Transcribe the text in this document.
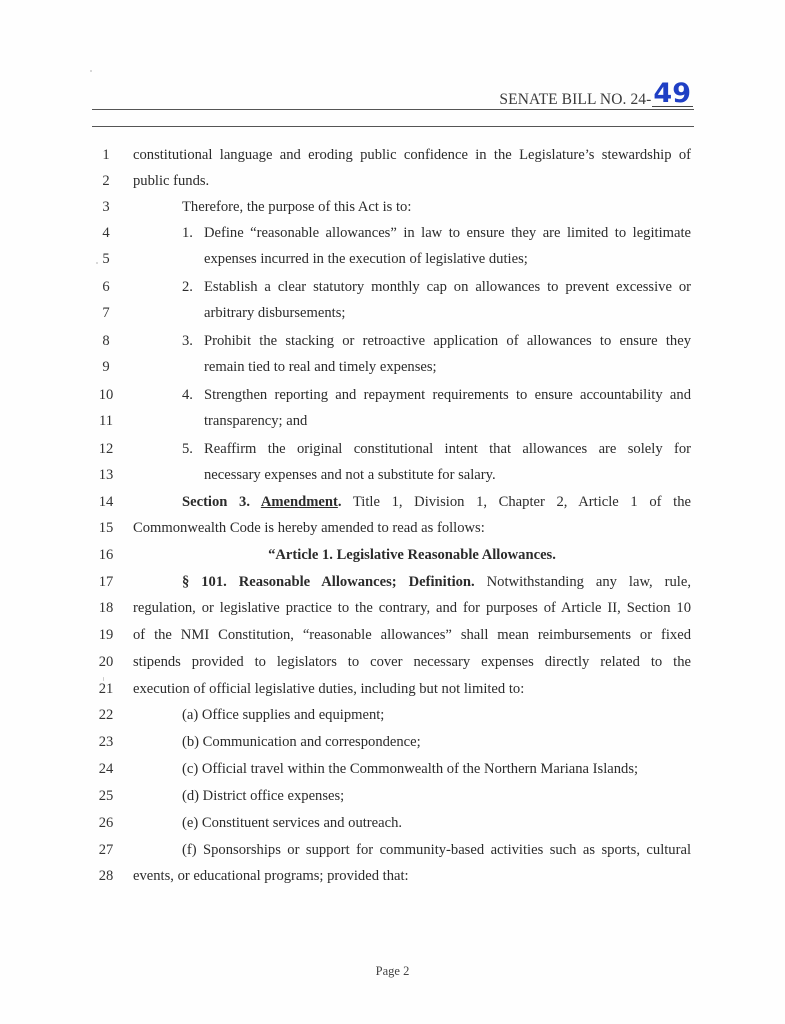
SENATE BILL NO. 24- 49
1	constitutional language and eroding public confidence in the Legislature’s stewardship of
2	public funds.
3	Therefore, the purpose of this Act is to:
4	1. Define “reasonable allowances” in law to ensure they are limited to legitimate
5	expenses incurred in the execution of legislative duties;
6	2. Establish a clear statutory monthly cap on allowances to prevent excessive or
7	arbitrary disbursements;
8	3. Prohibit the stacking or retroactive application of allowances to ensure they
9	remain tied to real and timely expenses;
10	4. Strengthen reporting and repayment requirements to ensure accountability and
11	transparency; and
12	5. Reaffirm the original constitutional intent that allowances are solely for
13	necessary expenses and not a substitute for salary.
14	Section 3. Amendment. Title 1, Division 1, Chapter 2, Article 1 of the
15	Commonwealth Code is hereby amended to read as follows:
16	“Article 1. Legislative Reasonable Allowances.
17	§ 101. Reasonable Allowances; Definition. Notwithstanding any law, rule,
18	regulation, or legislative practice to the contrary, and for purposes of Article II, Section 10
19	of the NMI Constitution, “reasonable allowances” shall mean reimbursements or fixed
20	stipends provided to legislators to cover necessary expenses directly related to the
21	execution of official legislative duties, including but not limited to:
22	(a) Office supplies and equipment;
23	(b) Communication and correspondence;
24	(c) Official travel within the Commonwealth of the Northern Mariana Islands;
25	(d) District office expenses;
26	(e) Constituent services and outreach.
27	(f) Sponsorships or support for community-based activities such as sports, cultural
28	events, or educational programs; provided that:
Page 2
